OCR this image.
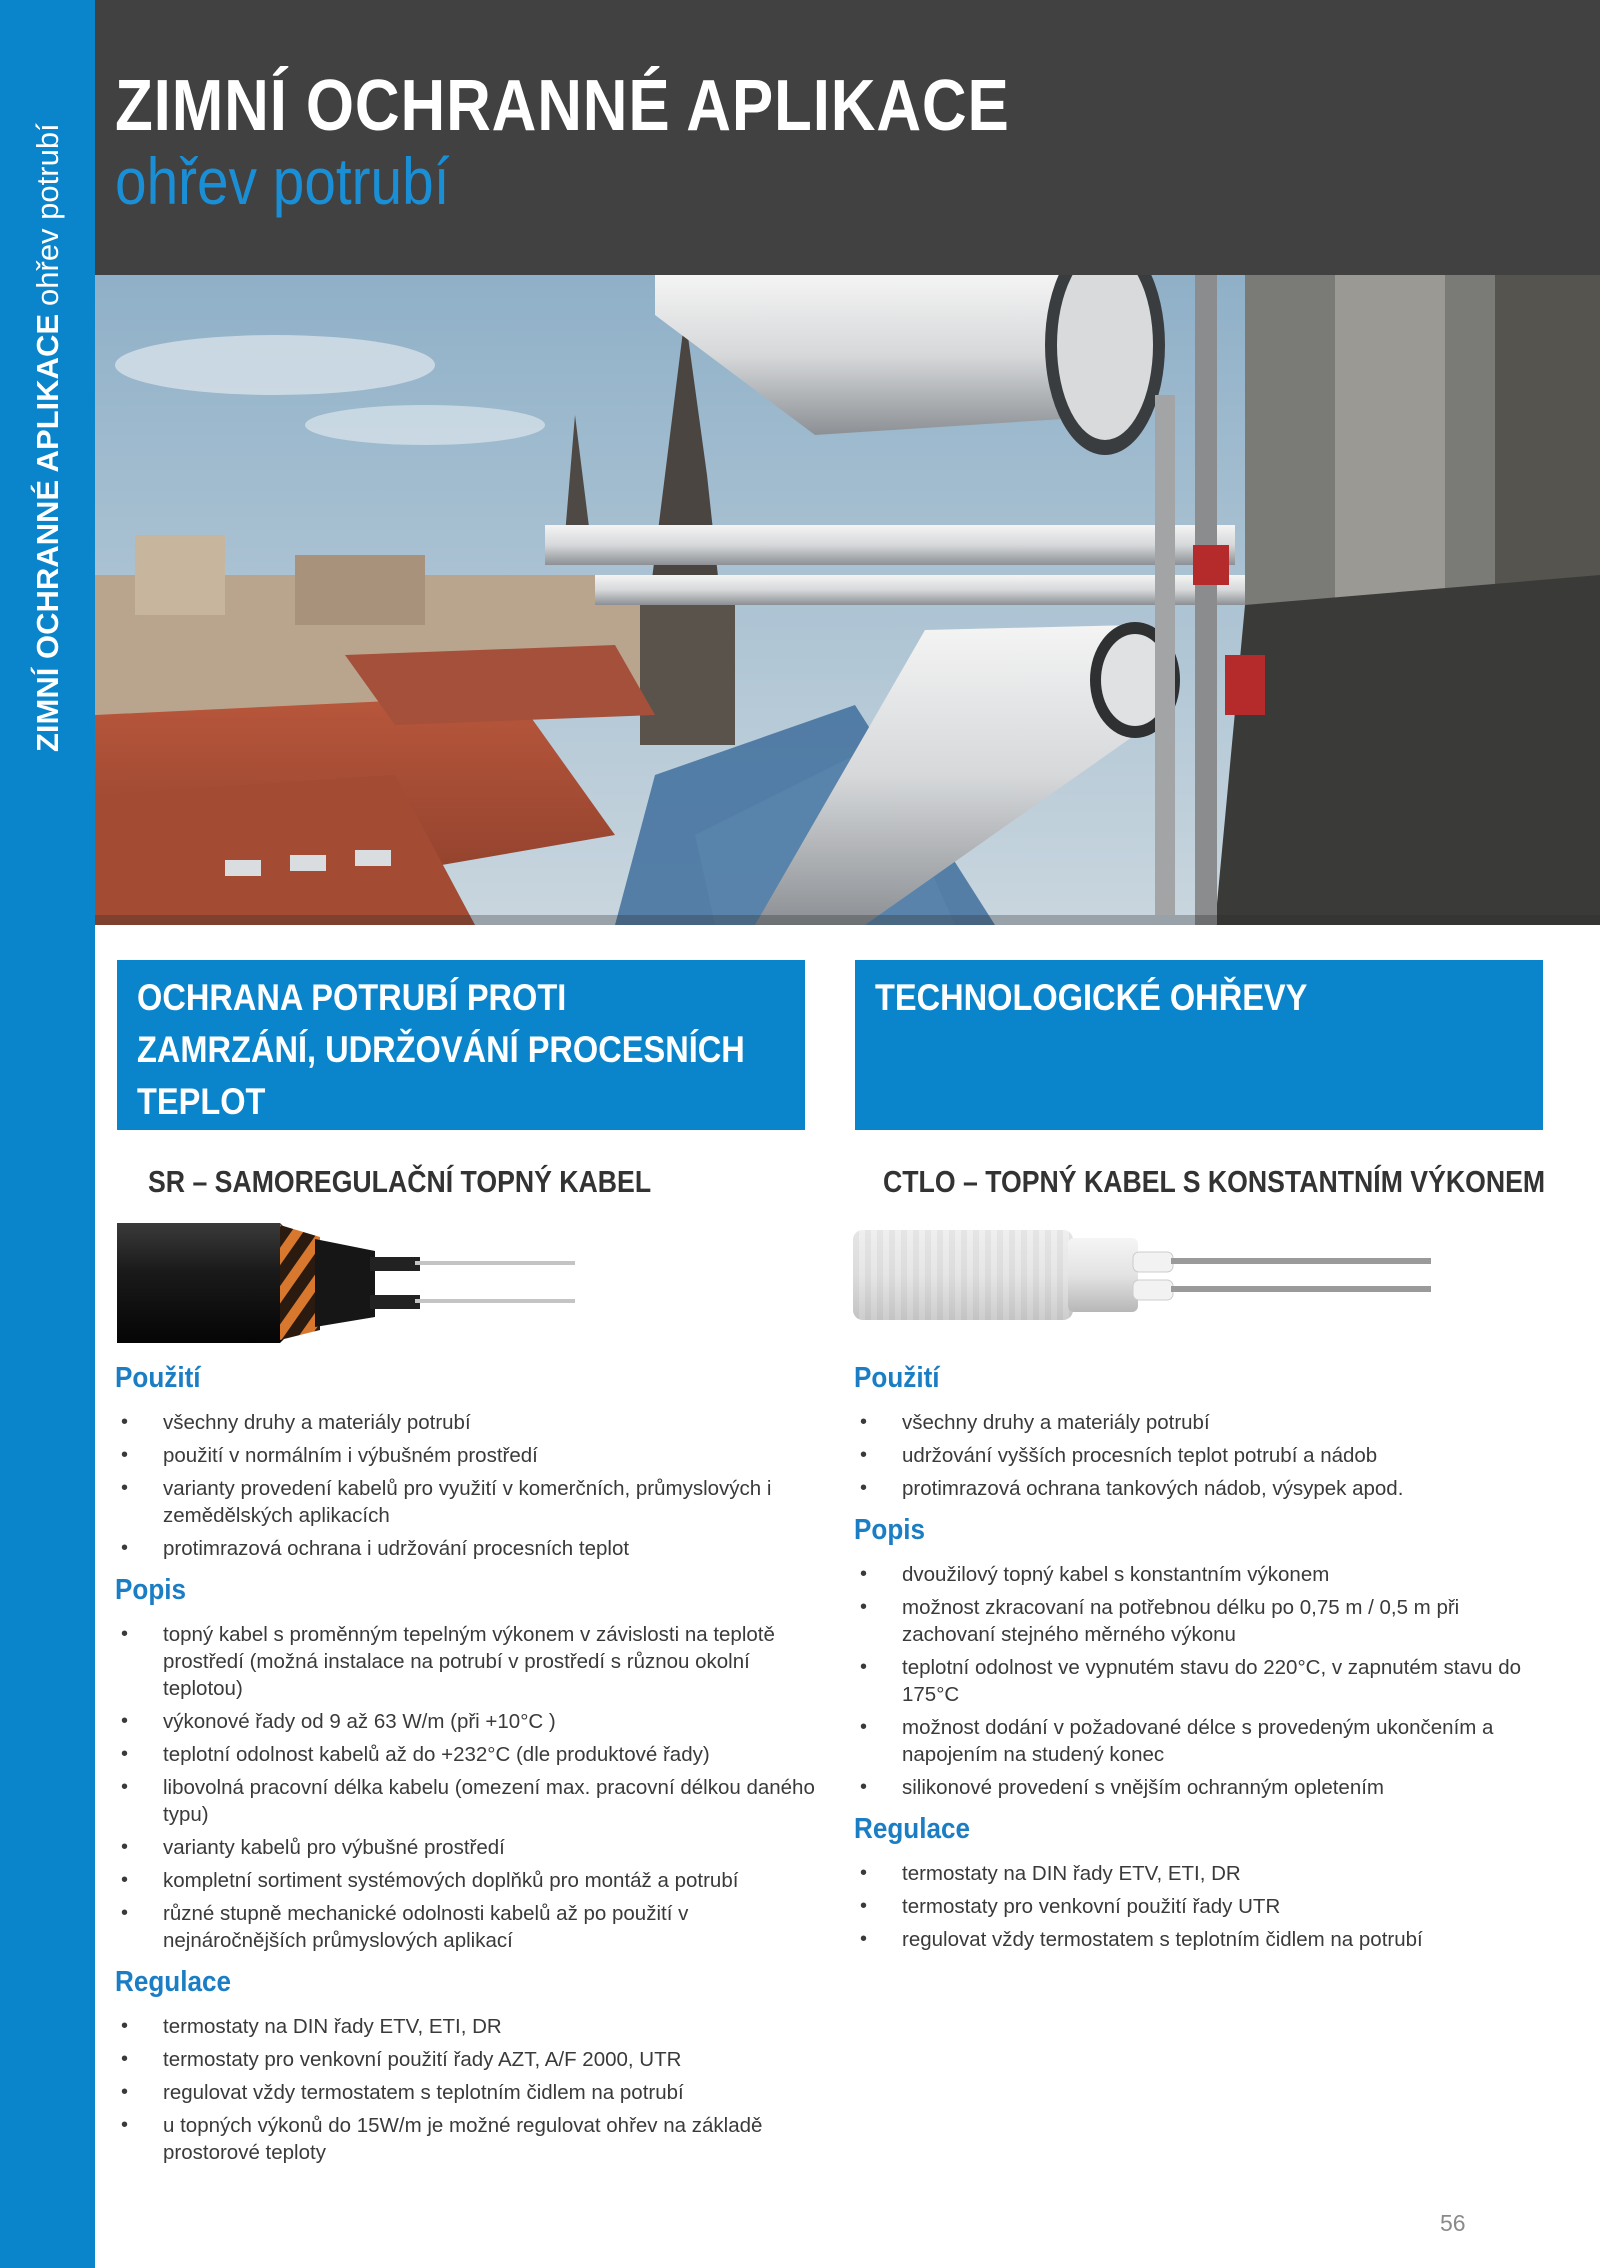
ZIMNÍ OCHRANNÉ APLIKACEohřev potrubí
ZIMNÍ OCHRANNÉ APLIKACE
ohřev potrubí
OCHRANA POTRUBÍ PROTI
ZAMRZÁNÍ, UDRŽOVÁNÍ PROCESNÍCH
TEPLOT
TECHNOLOGICKÉ OHŘEVY
SR – SAMOREGULAČNÍ TOPNÝ KABEL	CTLO – TOPNÝ KABEL S KONSTANTNÍM VÝKONEM
Použití
• všechny druhy a materiály potrubí
• použití v normálním i výbušném prostředí
• varianty provedení kabelů pro využití v komerčních, průmyslových i zemědělských aplikacích
• protimrazová ochrana i udržování procesních teplot
Popis
• topný kabel s proměnným tepelným výkonem v závislosti na teplotě prostředí (možná instalace na potrubí v prostředí s různou okolní teplotou)
• výkonové řady od 9 až 63 W/m (při +10°C )
• teplotní odolnost kabelů až do +232°C (dle produktové řady)
• libovolná pracovní délka kabelu (omezení max. pracovní délkou daného typu)
• varianty kabelů pro výbušné prostředí
• kompletní sortiment systémových doplňků pro montáž a potrubí
• různé stupně mechanické odolnosti kabelů až po použití v nejnáročnějších průmyslových aplikací
Regulace
• termostaty na DIN řady ETV, ETI, DR
• termostaty pro venkovní použití řady AZT, A/F 2000, UTR
• regulovat vždy termostatem s teplotním čidlem na potrubí
• u topných výkonů do 15W/m je možné regulovat ohřev na základě prostorové teploty
Použití
• všechny druhy a materiály potrubí
• udržování vyšších procesních teplot potrubí a nádob
• protimrazová ochrana tankových nádob, výsypek apod.
Popis
• dvoužilový topný kabel s konstantním výkonem
• možnost zkracovaní na potřebnou délku po 0,75 m / 0,5 m při zachovaní stejného měrného výkonu
• teplotní odolnost ve vypnutém stavu do 220°C, v zapnutém stavu do 175°C
• možnost dodání v požadované délce s provedeným ukončením a napojením na studený konec
• silikonové provedení s vnějším ochranným opletením
Regulace
• termostaty na DIN řady ETV, ETI, DR
• termostaty pro venkovní použití řady UTR
• regulovat vždy termostatem s teplotním čidlem na potrubí
56
